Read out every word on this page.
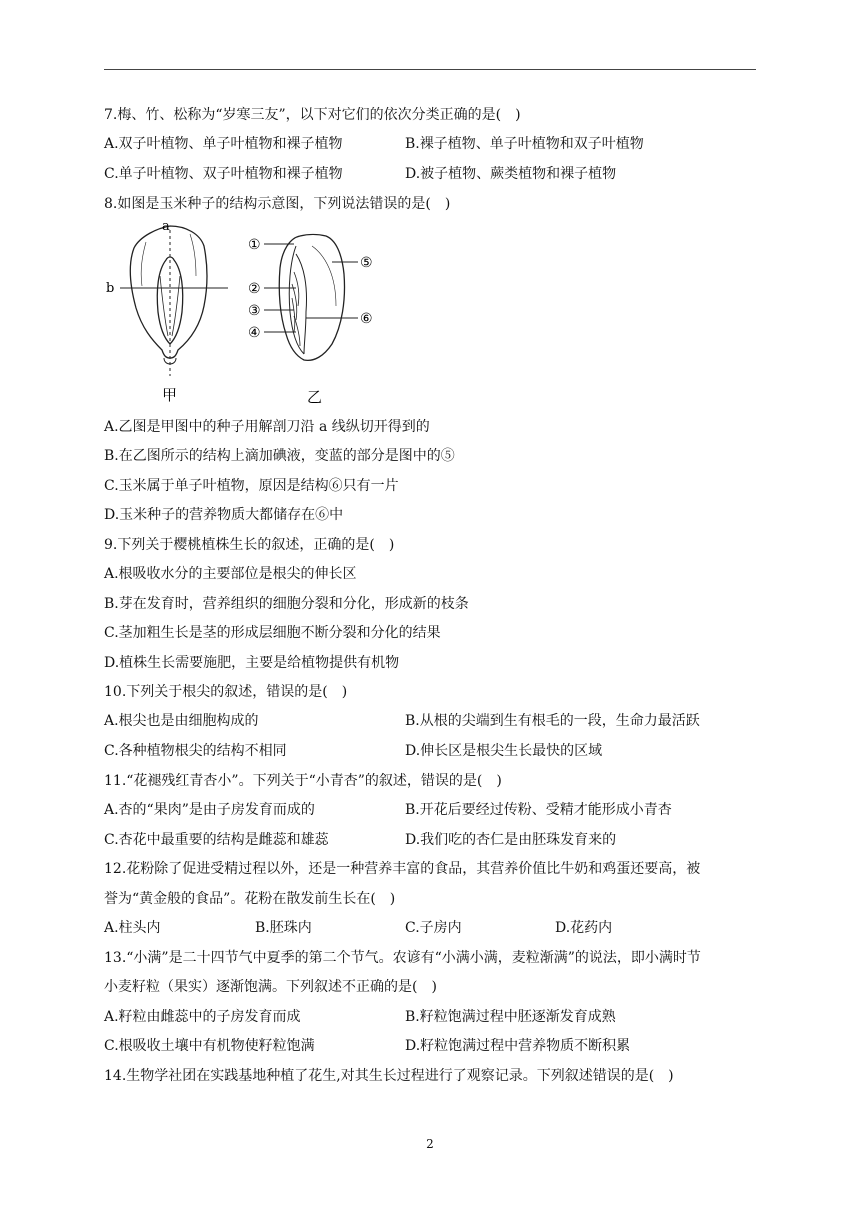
7.梅、竹、松称为“岁寒三友”，以下对它们的依次分类正确的是(　)
A.双子叶植物、单子叶植物和裸子植物	B.裸子植物、单子叶植物和双子叶植物
C.单子叶植物、双子叶植物和裸子植物	D.被子植物、蕨类植物和裸子植物
8.如图是玉米种子的结构示意图，下列说法错误的是(　)
a
b
甲
①
②
③
④
⑤
⑥
乙
A.乙图是甲图中的种子用解剖刀沿 a 线纵切开得到的
B.在乙图所示的结构上滴加碘液，变蓝的部分是图中的⑤
C.玉米属于单子叶植物，原因是结构⑥只有一片
D.玉米种子的营养物质大都储存在⑥中
9.下列关于樱桃植株生长的叙述，正确的是(　)
A.根吸收水分的主要部位是根尖的伸长区
B.芽在发育时，营养组织的细胞分裂和分化，形成新的枝条
C.茎加粗生长是茎的形成层细胞不断分裂和分化的结果
D.植株生长需要施肥，主要是给植物提供有机物
10.下列关于根尖的叙述，错误的是(　)
A.根尖也是由细胞构成的	B.从根的尖端到生有根毛的一段，生命力最活跃
C.各种植物根尖的结构不相同	D.伸长区是根尖生长最快的区域
11.“花褪残红青杏小”。下列关于“小青杏”的叙述，错误的是(　)
A.杏的“果肉”是由子房发育而成的	B.开花后要经过传粉、受精才能形成小青杏
C.杏花中最重要的结构是雌蕊和雄蕊	D.我们吃的杏仁是由胚珠发育来的
12.花粉除了促进受精过程以外，还是一种营养丰富的食品，其营养价值比牛奶和鸡蛋还要高，被
誉为“黄金般的食品”。花粉在散发前生长在(　)
A.柱头内	B.胚珠内	C.子房内	D.花药内
13.“小满”是二十四节气中夏季的第二个节气。农谚有“小满小满，麦粒渐满”的说法，即小满时节
小麦籽粒（果实）逐渐饱满。下列叙述不正确的是(　)
A.籽粒由雌蕊中的子房发育而成	B.籽粒饱满过程中胚逐渐发育成熟
C.根吸收土壤中有机物使籽粒饱满	D.籽粒饱满过程中营养物质不断积累
14.生物学社团在实践基地种植了花生,对其生长过程进行了观察记录。下列叙述错误的是(　)
2
